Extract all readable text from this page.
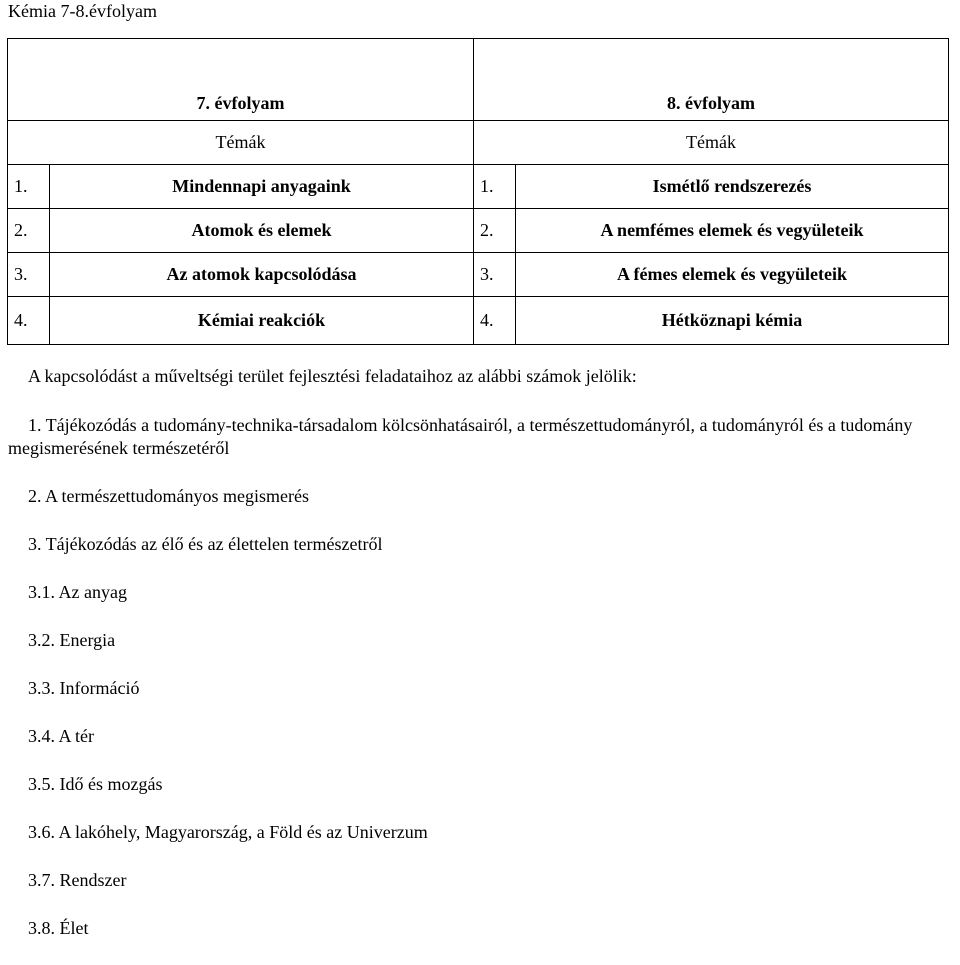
Kémia 7-8.évfolyam
7. évfolyam		8. évfolyam	
Témák		Témák	
1.	Mindennapi anyagaink	1.	Ismétlő rendszerezés
2.	Atomok és elemek	2.	A nemfémes elemek és vegyületeik
3.	Az atomok kapcsolódása	3.	A fémes elemek és vegyületeik
4.	Kémiai reakciók	4.	Hétköznapi kémia
A kapcsolódást a műveltségi terület fejlesztési feladataihoz az alábbi számok jelölik:
1. Tájékozódás a tudomány-technika-társadalom kölcsönhatásairól, a természettudományról, a tudományról és a tudomány megismerésének természetéről
2. A természettudományos megismerés
3. Tájékozódás az élő és az élettelen természetről
3.1. Az anyag
3.2. Energia
3.3. Információ
3.4. A tér
3.5. Idő és mozgás
3.6. A lakóhely, Magyarország, a Föld és az Univerzum
3.7. Rendszer
3.8. Élet
